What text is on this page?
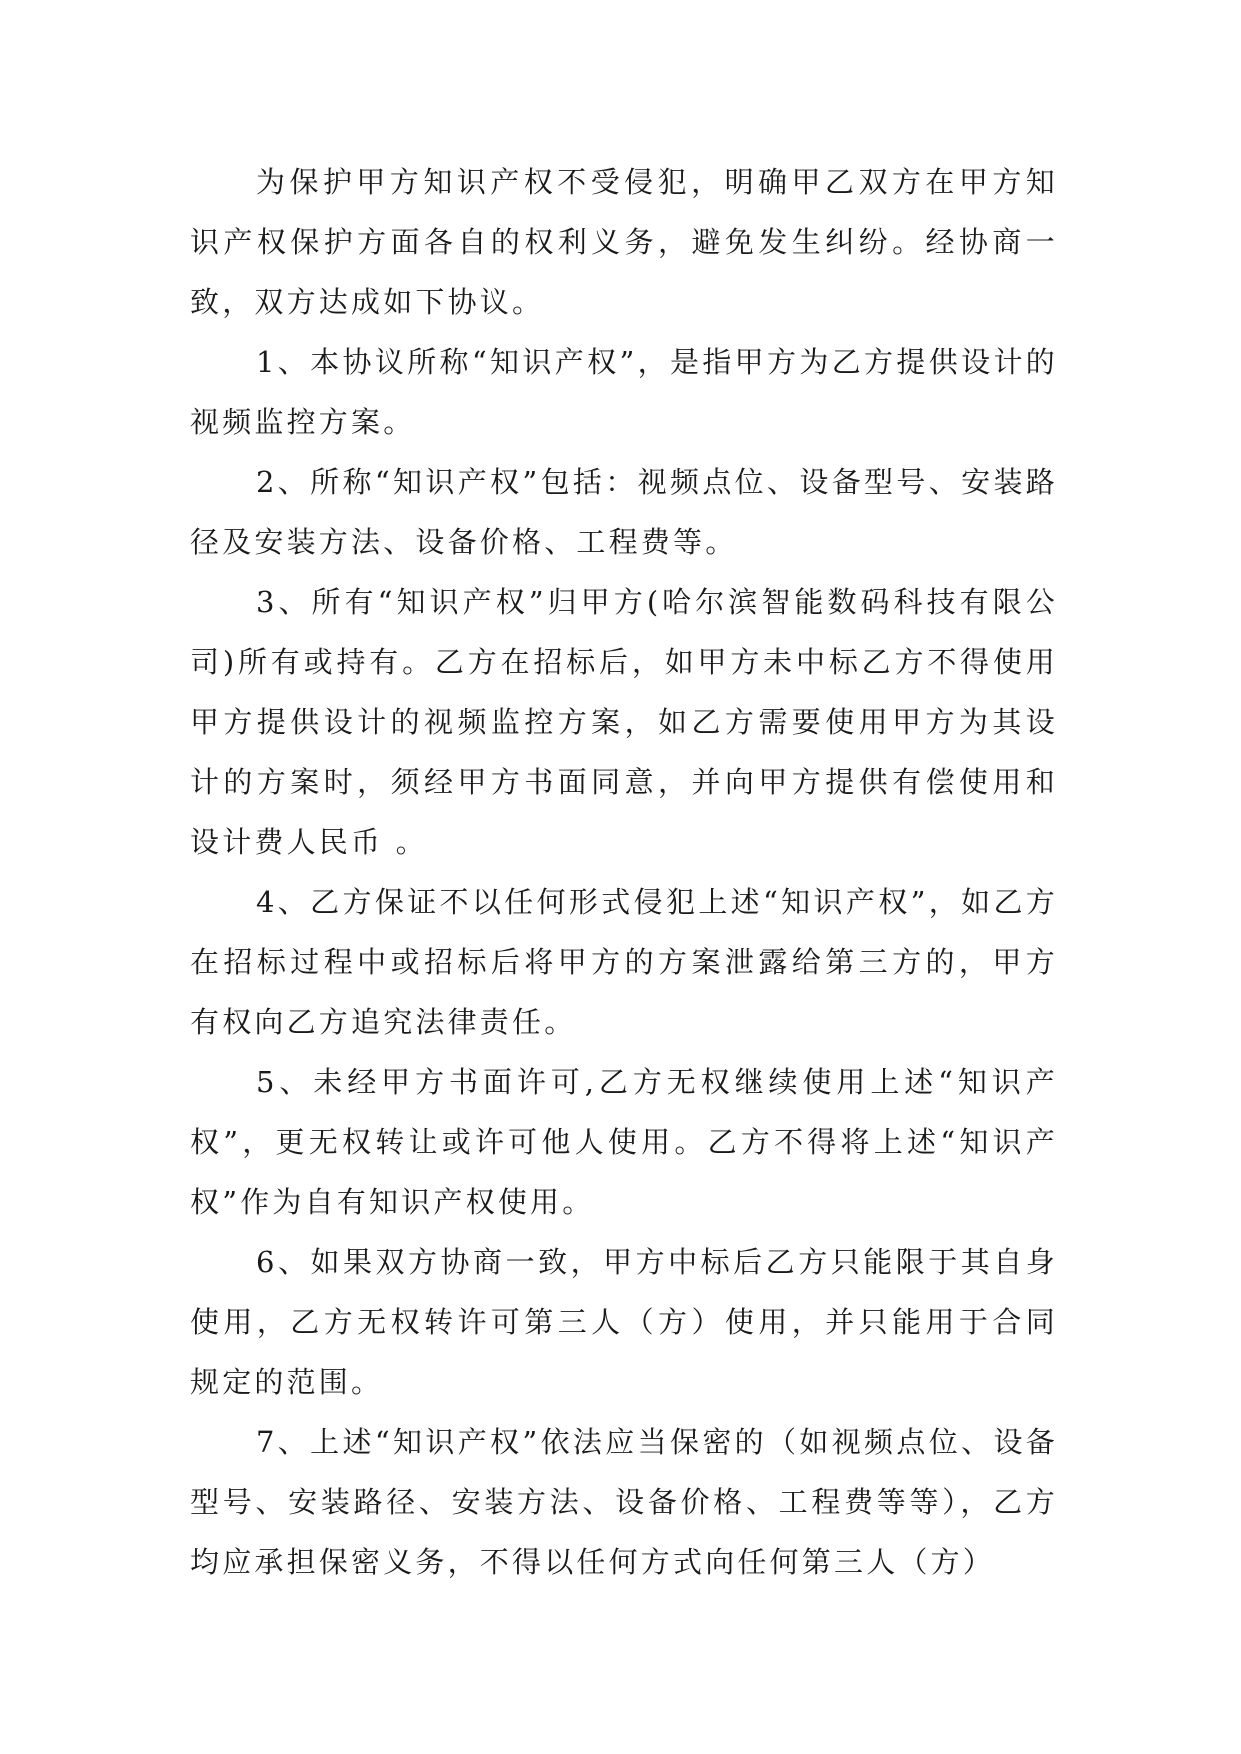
为保护甲方知识产权不受侵犯，明确甲乙双方在甲方知识产权保护方面各自的权利义务，避免发生纠纷。经协商一致，双方达成如下协议。

1、本协议所称“知识产权”，是指甲方为乙方提供设计的视频监控方案。

2、所称“知识产权”包括：视频点位、设备型号、安装路径及安装方法、设备价格、工程费等。

3、所有“知识产权”归甲方(哈尔滨智能数码科技有限公司)所有或持有。乙方在招标后，如甲方未中标乙方不得使用甲方提供设计的视频监控方案，如乙方需要使用甲方为其设计的方案时，须经甲方书面同意，并向甲方提供有偿使用和设计费人民币 。

4、乙方保证不以任何形式侵犯上述“知识产权”，如乙方在招标过程中或招标后将甲方的方案泄露给第三方的，甲方有权向乙方追究法律责任。

5、未经甲方书面许可,乙方无权继续使用上述“知识产权”，更无权转让或许可他人使用。乙方不得将上述“知识产权”作为自有知识产权使用。

6、如果双方协商一致，甲方中标后乙方只能限于其自身使用，乙方无权转许可第三人（方）使用，并只能用于合同规定的范围。

7、上述“知识产权”依法应当保密的（如视频点位、设备型号、安装路径、安装方法、设备价格、工程费等等），乙方均应承担保密义务，不得以任何方式向任何第三人（方）
